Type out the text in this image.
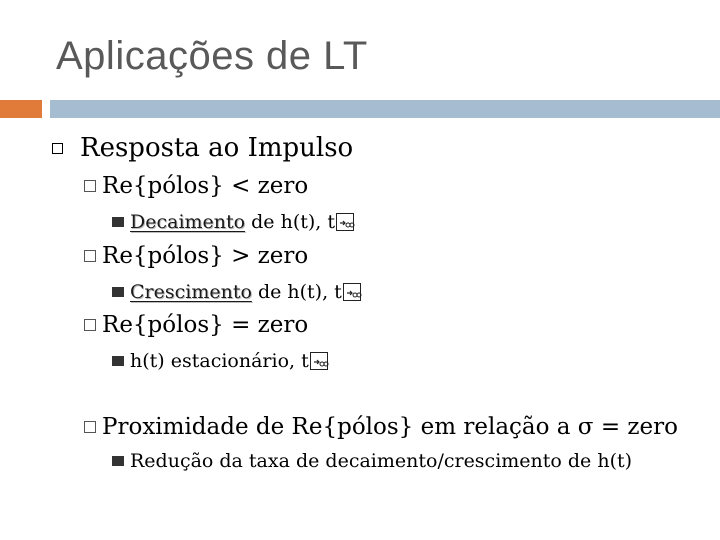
Aplicações de LT
Resposta ao Impulso
Re{pólos} < zero
Decaimento de h(t), t
Re{pólos} > zero
Crescimento de h(t), t
Re{pólos} = zero
h(t) estacionário, t
Proximidade de Re{pólos} em relação a σ = zero
Redução da taxa de decaimento/crescimento de h(t)
